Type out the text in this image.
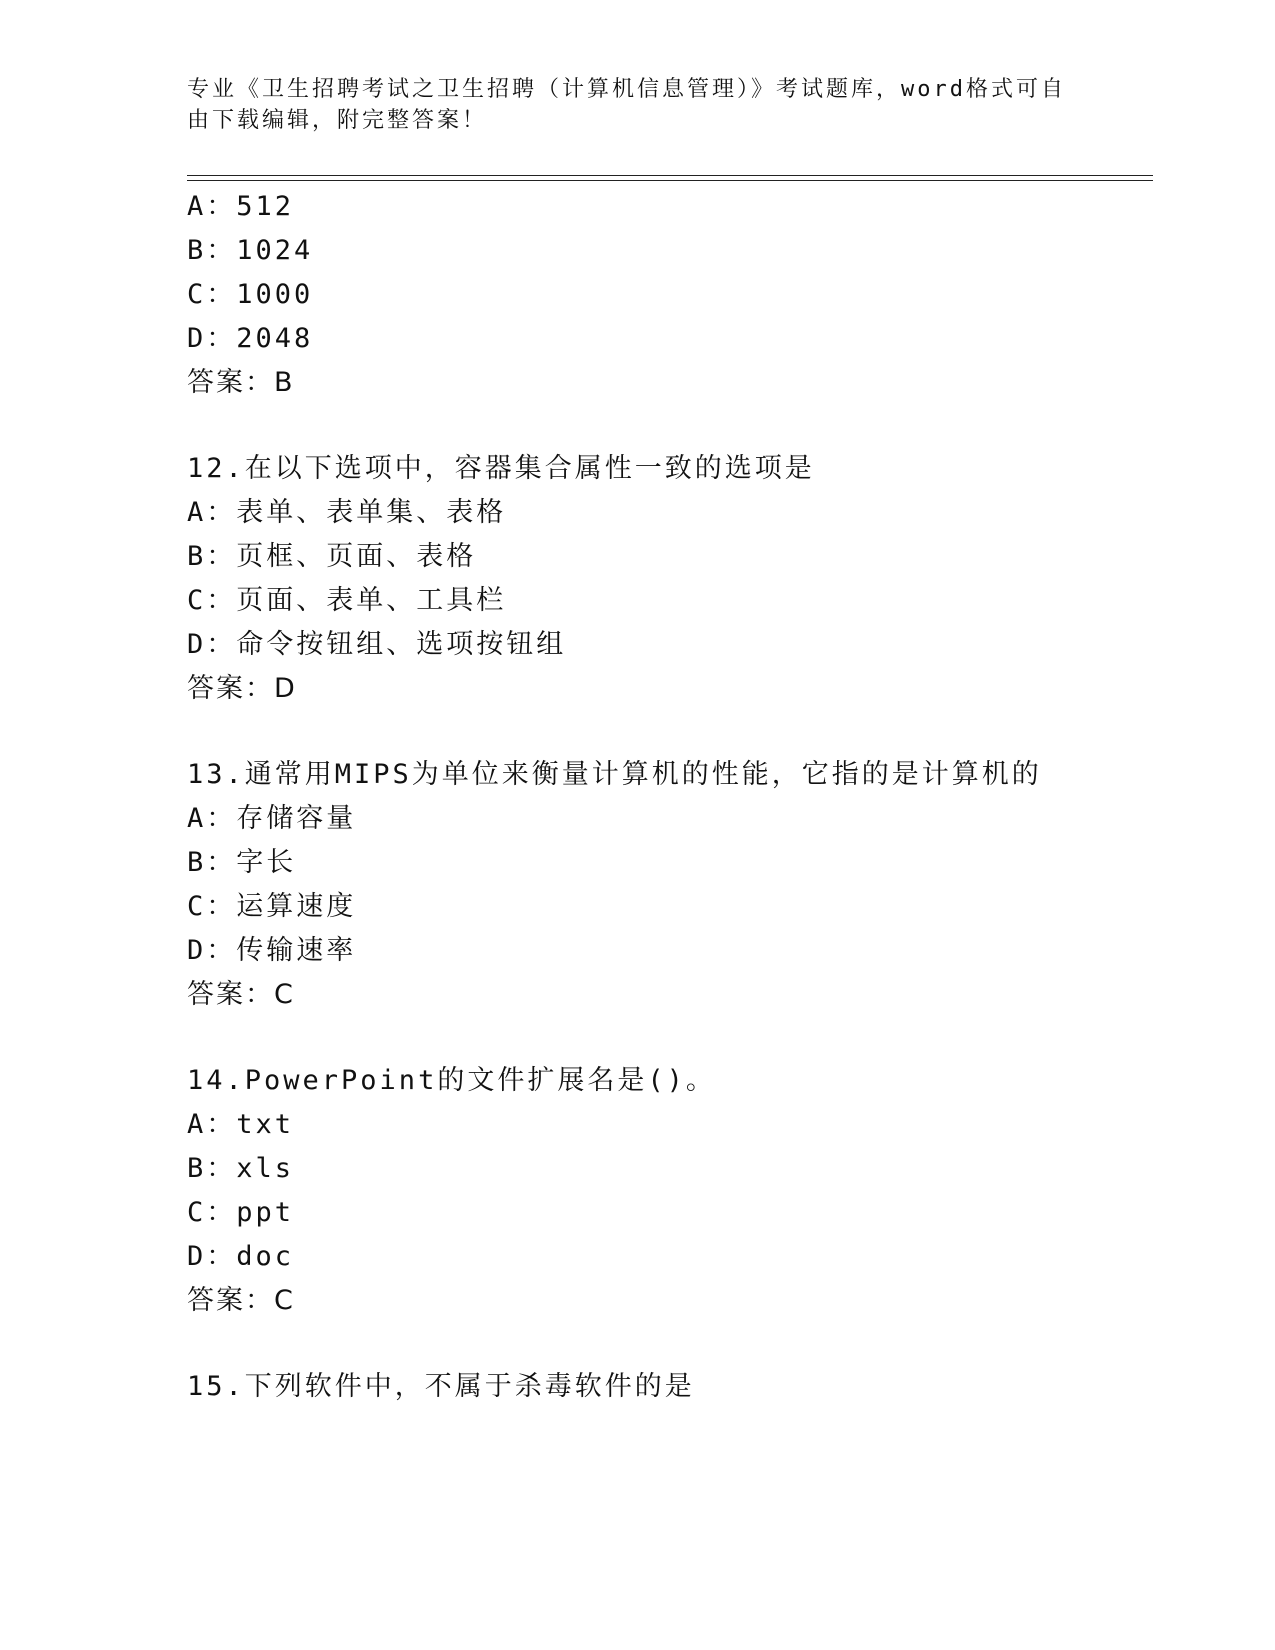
专业《卫生招聘考试之卫生招聘（计算机信息管理）》考试题库，word格式可自由下载编辑，附完整答案！
A：512
B：1024
C：1000
D：2048
答案：B
12.在以下选项中，容器集合属性一致的选项是
A：表单、表单集、表格
B：页框、页面、表格
C：页面、表单、工具栏
D：命令按钮组、选项按钮组
答案：D
13.通常用MIPS为单位来衡量计算机的性能，它指的是计算机的
A：存储容量
B：字长
C：运算速度
D：传输速率
答案：C
14.PowerPoint的文件扩展名是()。
A：txt
B：xls
C：ppt
D：doc
答案：C
15.下列软件中，不属于杀毒软件的是
